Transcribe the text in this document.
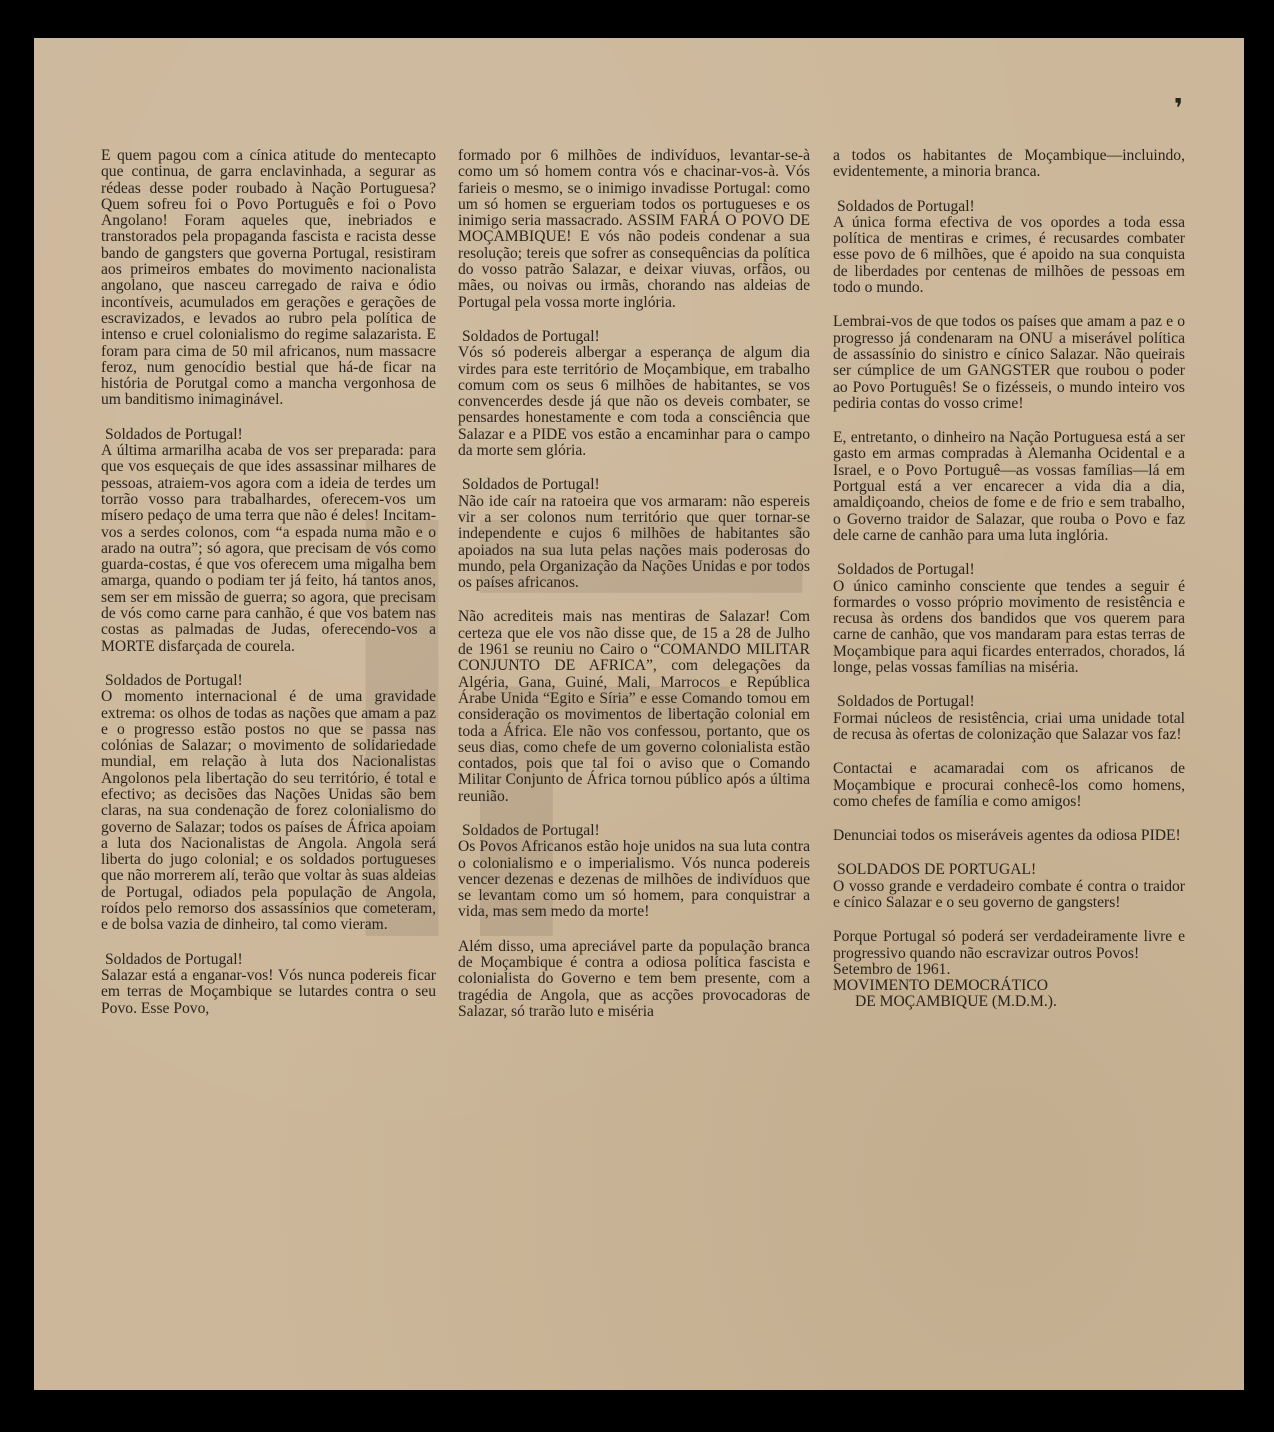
❜

E quem pagou com a cínica atitude do mentecapto que continua, de garra enclavinhada, a segurar as rédeas desse poder roubado à Nação Portuguesa? Quem sofreu foi o Povo Português e foi o Povo Angolano! Foram aqueles que, inebriados e transtorados pela propaganda fascista e racista desse bando de gangsters que governa Portugal, resistiram aos primeiros embates do movimento nacionalista angolano, que nasceu carregado de raiva e ódio incontíveis, acumulados em gerações e gerações de escravizados, e levados ao rubro pela política de intenso e cruel colonialismo do regime salazarista. E foram para cima de 50 mil africanos, num massacre feroz, num genocídio bestial que há-de ficar na história de Porutgal como a mancha vergonhosa de um banditismo inimaginável.

Soldados de Portugal!

A última armarilha acaba de vos ser preparada: para que vos esqueçais de que ides assassinar milhares de pessoas, atraiem-vos agora com a ideia de terdes um torrão vosso para trabalhardes, oferecem-vos um mísero pedaço de uma terra que não é deles! Incitam-vos a serdes colonos, com “a espada numa mão e o arado na outra”; só agora, que precisam de vós como guarda-costas, é que vos oferecem uma migalha bem amarga, quando o podiam ter já feito, há tantos anos, sem ser em missão de guerra; so agora, que precisam de vós como carne para canhão, é que vos batem nas costas as palmadas de Judas, oferecendo-vos a MORTE disfarçada de courela.

Soldados de Portugal!

O momento internacional é de uma gravidade extrema: os olhos de todas as nações que amam a paz e o progresso estão postos no que se passa nas colónias de Salazar; o movimento de solidariedade mundial, em relação à luta dos Nacionalistas Angolonos pela libertação do seu território, é total e efectivo; as decisões das Nações Unidas são bem claras, na sua condenação de forez colonialismo do governo de Salazar; todos os países de África apoiam a luta dos Nacionalistas de Angola. Angola será liberta do jugo colonial; e os soldados portugueses que não morrerem alí, terão que voltar às suas aldeias de Portugal, odiados pela população de Angola, roídos pelo remorso dos assassínios que cometeram, e de bolsa vazia de dinheiro, tal como vieram.

Soldados de Portugal!

Salazar está a enganar-vos! Vós nunca podereis ficar em terras de Moçambique se lutardes contra o seu Povo. Esse Povo,

formado por 6 milhões de indivíduos, levantar-se-à como um só homem contra vós e chacinar-vos-à. Vós farieis o mesmo, se o inimigo invadisse Portugal: como um só homen se ergueriam todos os portugueses e os inimigo seria massacrado. ASSIM FARÁ O POVO DE MOÇAMBIQUE! E vós não podeis condenar a sua resolução; tereis que sofrer as consequências da política do vosso patrão Salazar, e deixar viuvas, orfãos, ou mães, ou noivas ou irmãs, chorando nas aldeias de Portugal pela vossa morte inglória.

Soldados de Portugal!

Vós só podereis albergar a esperança de algum dia virdes para este território de Moçambique, em trabalho comum com os seus 6 milhões de habitantes, se vos convencerdes desde já que não os deveis combater, se pensardes honestamente e com toda a consciência que Salazar e a PIDE vos estão a encaminhar para o campo da morte sem glória.

Soldados de Portugal!

Não ide caír na ratoeira que vos armaram: não espereis vir a ser colonos num território que quer tornar-se independente e cujos 6 milhões de habitantes são apoiados na sua luta pelas nações mais poderosas do mundo, pela Organização da Nações Unidas e por todos os países africanos.

Não acrediteis mais nas mentiras de Salazar! Com certeza que ele vos não disse que, de 15 a 28 de Julho de 1961 se reuniu no Cairo o “COMANDO MILITAR CONJUNTO DE AFRICA”, com delegações da Algéria, Gana, Guiné, Mali, Marrocos e República Árabe Unida “Egito e Síria” e esse Comando tomou em consideração os movimentos de libertação colonial em toda a África. Ele não vos confessou, portanto, que os seus dias, como chefe de um governo colonialista estão contados, pois que tal foi o aviso que o Comando Militar Conjunto de África tornou público após a última reunião.

Soldados de Portugal!

Os Povos Africanos estão hoje unidos na sua luta contra o colonialismo e o imperialismo. Vós nunca podereis vencer dezenas e dezenas de milhões de indivíduos que se levantam como um só homem, para conquistrar a vida, mas sem medo da morte!

Além disso, uma apreciável parte da população branca de Moçambique é contra a odiosa política fascista e colonialista do Governo e tem bem presente, com a tragédia de Angola, que as acções provocadoras de Salazar, só trarão luto e miséria

a todos os habitantes de Moçambique—incluindo, evidentemente, a minoria branca.

Soldados de Portugal!

A única forma efectiva de vos opordes a toda essa política de mentiras e crimes, é recusardes combater esse povo de 6 milhões, que é apoido na sua conquista de liberdades por centenas de milhões de pessoas em todo o mundo.

Lembrai-vos de que todos os países que amam a paz e o progresso já condenaram na ONU a miserável política de assassínio do sinistro e cínico Salazar. Não queirais ser cúmplice de um GANGSTER que roubou o poder ao Povo Português! Se o fizésseis, o mundo inteiro vos pediria contas do vosso crime!

E, entretanto, o dinheiro na Nação Portuguesa está a ser gasto em armas compradas à Alemanha Ocidental e a Israel, e o Povo Portuguê—as vossas famílias—lá em Portgual está a ver encarecer a vida dia a dia, amaldiçoando, cheios de fome e de frio e sem trabalho, o Governo traidor de Salazar, que rouba o Povo e faz dele carne de canhão para uma luta inglória.

Soldados de Portugal!

O único caminho consciente que tendes a seguir é formardes o vosso próprio movimento de resistência e recusa às ordens dos bandidos que vos querem para carne de canhão, que vos mandaram para estas terras de Moçambique para aqui ficardes enterrados, chorados, lá longe, pelas vossas famílias na miséria.

Soldados de Portugal!

Formai núcleos de resistência, criai uma unidade total de recusa às ofertas de colonização que Salazar vos faz!

Contactai e acamaradai com os africanos de Moçambique e procurai conhecê-los como homens, como chefes de família e como amigos!

Denunciai todos os miseráveis agentes da odiosa PIDE!

SOLDADOS DE PORTUGAL!

O vosso grande e verdadeiro combate é contra o traidor e cínico Salazar e o seu governo de gangsters!

Porque Portugal só poderá ser verdadeiramente livre e progressivo quando não escravizar outros Povos!

Setembro de 1961.

MOVIMENTO DEMOCRÁTICO

DE MOÇAMBIQUE (M.D.M.).
